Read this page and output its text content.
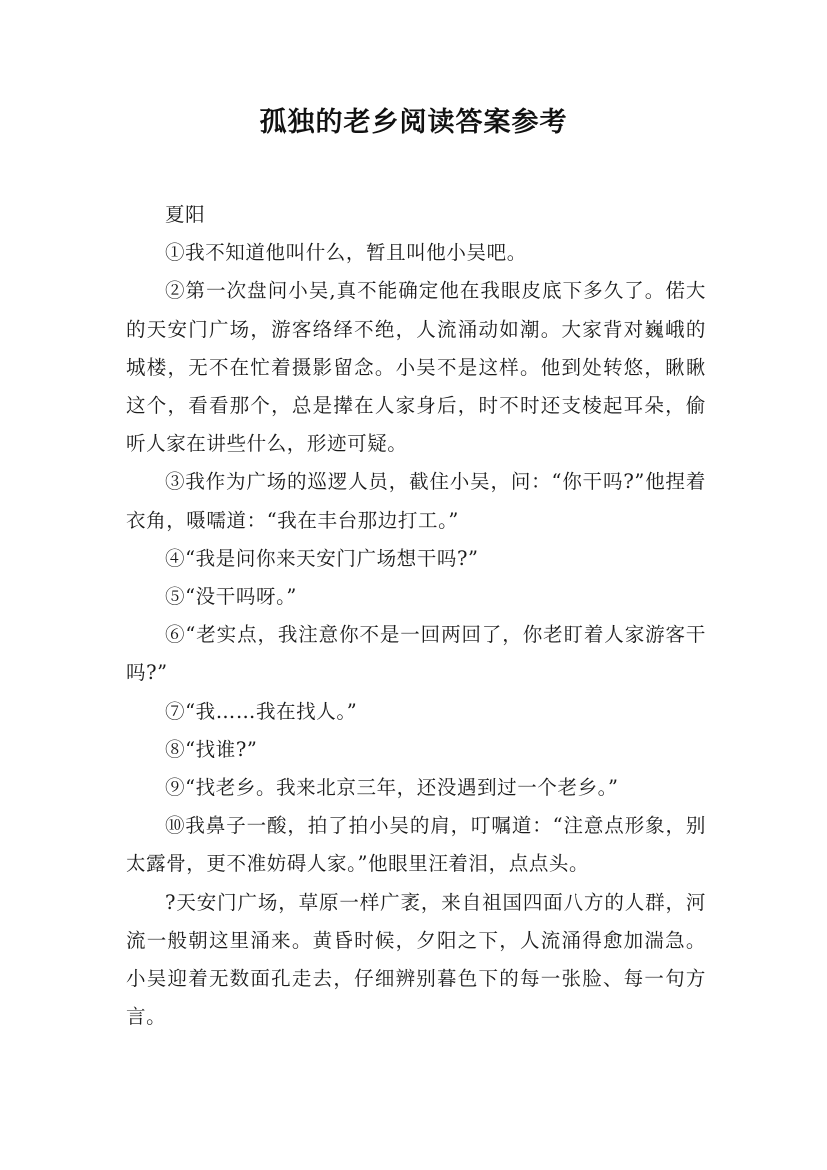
孤独的老乡阅读答案参考

夏阳

①我不知道他叫什么，暂且叫他小吴吧。

②第一次盘问小吴,真不能确定他在我眼皮底下多久了。偌大的天安门广场，游客络绎不绝，人流涌动如潮。大家背对巍峨的城楼，无不在忙着摄影留念。小吴不是这样。他到处转悠，瞅瞅这个，看看那个，总是撵在人家身后，时不时还支棱起耳朵，偷听人家在讲些什么，形迹可疑。

③我作为广场的巡逻人员，截住小吴，问：“你干吗?”他捏着衣角，嗫嚅道：“我在丰台那边打工。”

④“我是问你来天安门广场想干吗?”

⑤“没干吗呀。”

⑥“老实点，我注意你不是一回两回了，你老盯着人家游客干吗?”

⑦“我……我在找人。”

⑧“找谁?”

⑨“找老乡。我来北京三年，还没遇到过一个老乡。”

⑩我鼻子一酸，拍了拍小吴的肩，叮嘱道：“注意点形象，别太露骨，更不准妨碍人家。”他眼里汪着泪，点点头。

?天安门广场，草原一样广袤，来自祖国四面八方的人群，河流一般朝这里涌来。黄昏时候，夕阳之下，人流涌得愈加湍急。小吴迎着无数面孔走去，仔细辨别暮色下的每一张脸、每一句方言。
